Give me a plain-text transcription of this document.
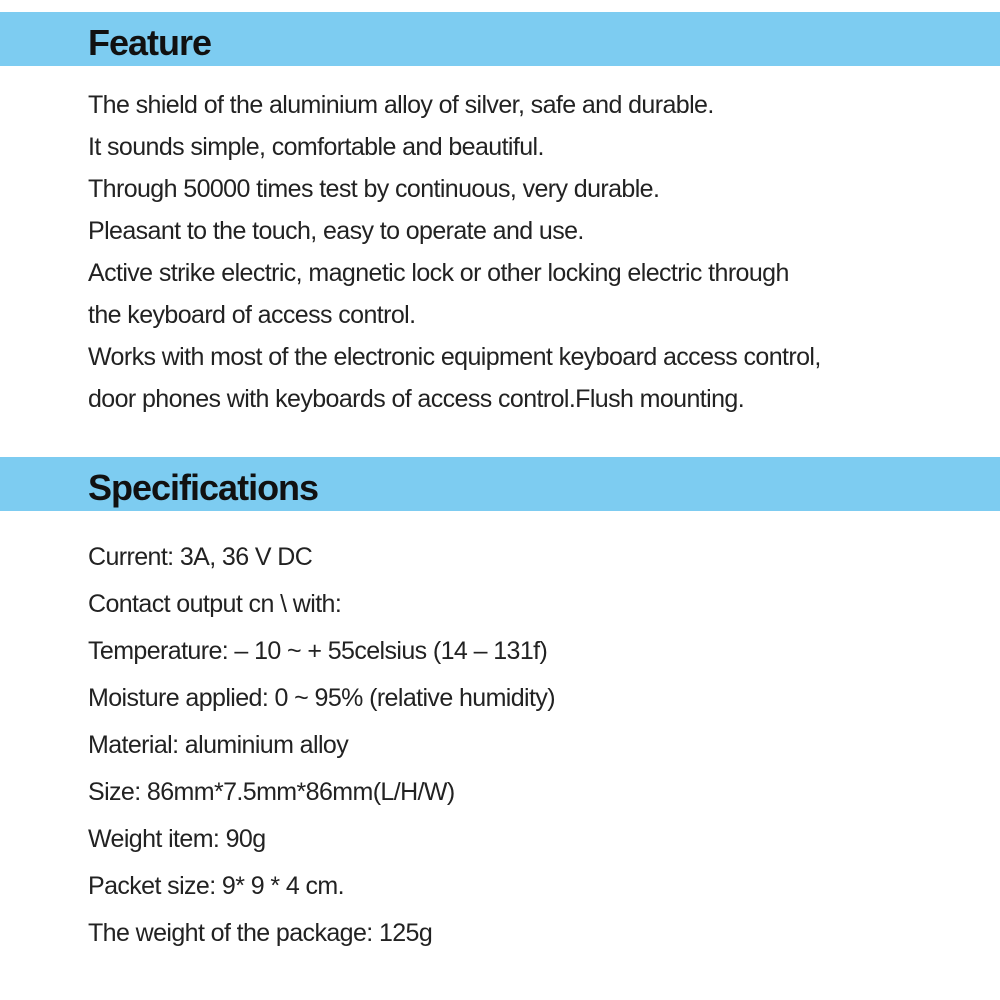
Feature
The shield of the aluminium alloy of silver, safe and durable.
It sounds simple, comfortable and beautiful.
Through 50000 times test by continuous, very durable.
Pleasant to the touch, easy to operate and use.
Active strike electric, magnetic lock or other locking electric through
the keyboard of access control.
Works with most of the electronic equipment keyboard access control,
door phones with keyboards of access control.Flush mounting.
Specifications
Current: 3A, 36 V DC
Contact output cn \ with:
Temperature: – 10 ~ + 55celsius (14 – 131f)
Moisture applied: 0 ~ 95% (relative humidity)
Material: aluminium alloy
Size: 86mm*7.5mm*86mm(L/H/W)
Weight item: 90g
Packet size: 9* 9 * 4 cm.
The weight of the package: 125g
